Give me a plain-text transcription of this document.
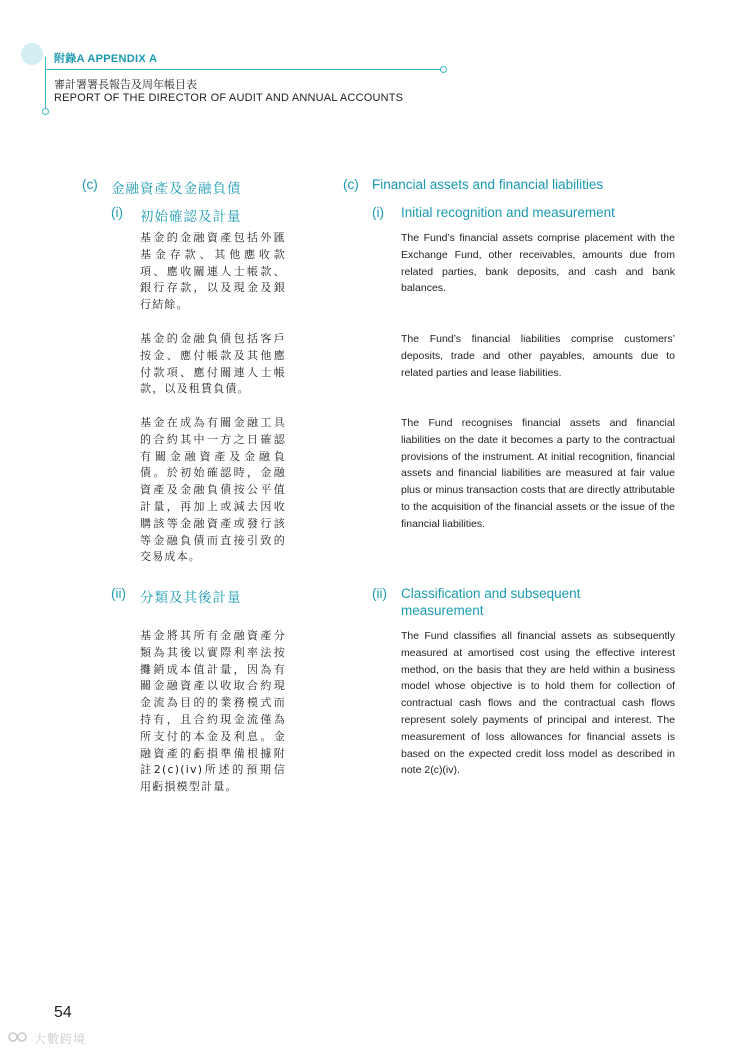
附錄A APPENDIX A
審計署署長報告及周年帳目表
REPORT OF THE DIRECTOR OF AUDIT AND ANNUAL ACCOUNTS
(c) 金融資產及金融負債
(i) 初始確認及計量
基金的金融資產包括外匯基金存款、其他應收款項、應收關連人士帳款、銀行存款，以及現金及銀行結餘。
基金的金融負債包括客戶按金、應付帳款及其他應付款項、應付關連人士帳款，以及租賃負債。
基金在成為有關金融工具的合約其中一方之日確認有關金融資產及金融負債。於初始確認時，金融資產及金融負債按公平值計量，再加上或減去因收購該等金融資產或發行該等金融負債而直接引致的交易成本。
(ii) 分類及其後計量
基金將其所有金融資產分類為其後以實際利率法按攤銷成本值計量，因為有關金融資產以收取合約現金流為目的的業務模式而持有，且合約現金流僅為所支付的本金及利息。金融資產的虧損準備根據附註2(c)(iv)所述的預期信用虧損模型計量。
(c) Financial assets and financial liabilities
(i) Initial recognition and measurement
The Fund’s financial assets comprise placement with the Exchange Fund, other receivables, amounts due from related parties, bank deposits, and cash and bank balances.
The Fund’s financial liabilities comprise customers’ deposits, trade and other payables, amounts due to related parties and lease liabilities.
The Fund recognises financial assets and financial liabilities on the date it becomes a party to the contractual provisions of the instrument. At initial recognition, financial assets and financial liabilities are measured at fair value plus or minus transaction costs that are directly attributable to the acquisition of the financial assets or the issue of the financial liabilities.
(ii) Classification and subsequent
measurement
The Fund classifies all financial assets as subsequently measured at amortised cost using the effective interest method, on the basis that they are held within a business model whose objective is to hold them for collection of contractual cash flows and the contractual cash flows represent solely payments of principal and interest. The measurement of loss allowances for financial assets is based on the expected credit loss model as described in note 2(c)(iv).
54
大數跨境
